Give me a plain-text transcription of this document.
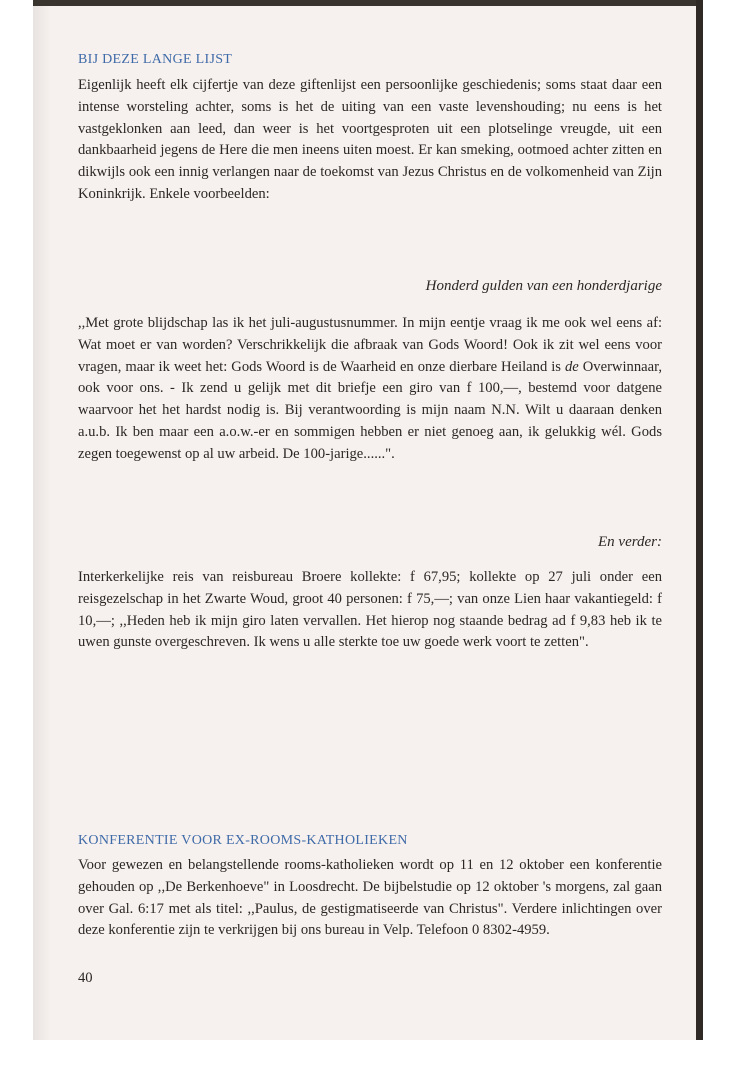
BIJ DEZE LANGE LIJST

Eigenlijk heeft elk cijfertje van deze giftenlijst een persoonlijke geschiedenis; soms staat daar een intense worsteling achter, soms is het de uiting van een vaste levenshouding; nu eens is het vastgeklonken aan leed, dan weer is het voortgesproten uit een plotselinge vreugde, uit een dankbaarheid jegens de Here die men ineens uiten moest. Er kan smeking, ootmoed achter zitten en dikwijls ook een innig verlangen naar de toekomst van Jezus Christus en de volkomenheid van Zijn Koninkrijk. Enkele voorbeelden:

Honderd gulden van een honderdjarige

,,Met grote blijdschap las ik het juli-augustusnummer. In mijn eentje vraag ik me ook wel eens af: Wat moet er van worden? Verschrikkelijk die afbraak van Gods Woord! Ook ik zit wel eens voor vragen, maar ik weet het: Gods Woord is de Waarheid en onze dierbare Heiland is de Overwinnaar, ook voor ons. - Ik zend u gelijk met dit briefje een giro van f 100,—, bestemd voor datgene waarvoor het het hardst nodig is. Bij verantwoording is mijn naam N.N. Wilt u daaraan denken a.u.b. Ik ben maar een a.o.w.-er en sommigen hebben er niet genoeg aan, ik gelukkig wél. Gods zegen toegewenst op al uw arbeid. De 100-jarige......".

En verder:

Interkerkelijke reis van reisbureau Broere kollekte: f 67,95; kollekte op 27 juli onder een reisgezelschap in het Zwarte Woud, groot 40 personen: f 75,—; van onze Lien haar vakantiegeld: f 10,—; ,,Heden heb ik mijn giro laten vervallen. Het hierop nog staande bedrag ad f 9,83 heb ik te uwen gunste overgeschreven. Ik wens u alle sterkte toe uw goede werk voort te zetten".

KONFERENTIE VOOR EX-ROOMS-KATHOLIEKEN

Voor gewezen en belangstellende rooms-katholieken wordt op 11 en 12 oktober een konferentie gehouden op ,,De Berkenhoeve" in Loosdrecht. De bijbelstudie op 12 oktober 's morgens, zal gaan over Gal. 6:17 met als titel: ,,Paulus, de gestigmatiseerde van Christus". Verdere inlichtingen over deze konferentie zijn te verkrijgen bij ons bureau in Velp. Telefoon 0 8302-4959.

40
